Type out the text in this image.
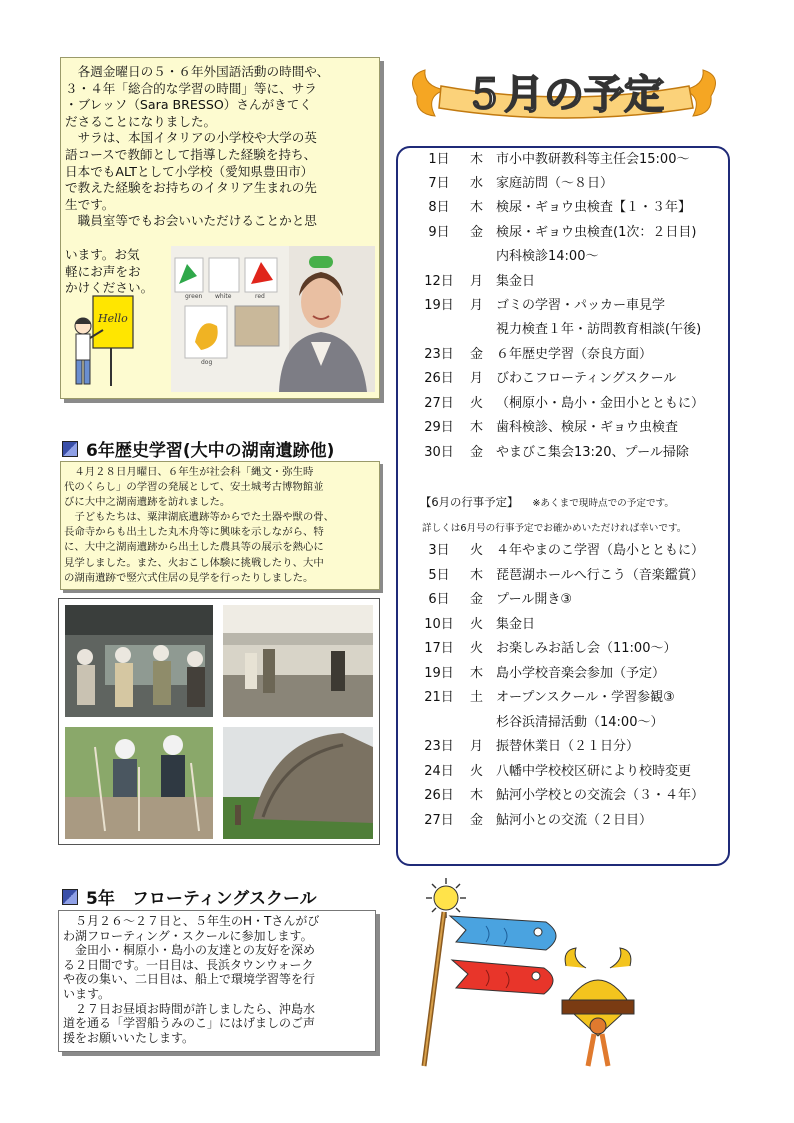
　各週金曜日の５・６年外国語活動の時間や、
３・４年「総合的な学習の時間」等に、サラ
・ブレッソ（Sara BRESSO）さんがきてく
ださることになりました。
　サラは、本国イタリアの小学校や大学の英
語コースで教師として指導した経験を持ち、
日本でもALTとして小学校（愛知県豊田市）
で教えた経験をお持ちのイタリア生まれの先
生です。
　職員室等でもお会いいただけることかと思
います。お気
軽にお声をお
かけください。
Hello
green white	red
dog
6年歴史学習(大中の湖南遺跡他)
　４月２８日月曜日、６年生が社会科「縄文・弥生時
代のくらし」の学習の発展として、安土城考古博物館並
びに大中之湖南遺跡を訪れました。
　子どもたちは、粟津湖底遺跡等からでた土器や獣の骨、
長命寺からも出土した丸木舟等に興味を示しながら、特
に、大中之湖南遺跡から出土した農具等の展示を熱心に
見学しました。また、火おこし体験に挑戦したり、大中
の湖南遺跡で竪穴式住居の見学を行ったりしました。
5年　フローティングスクール
　５月２６～２７日と、５年生のH・Tさんがび
わ湖フローティング・スクールに参加します。
　金田小・桐原小・島小の友達との友好を深め
る２日間です。一日目は、長浜タウンウォーク
や夜の集い、二日目は、船上で環境学習等を行
います。
　２７日お昼頃お時間が許しましたら、沖島水
道を通る「学習船うみのこ」にはげましのご声
援をお願いいたします。
５月の予定
1日 木 市小中教研教科等主任会15:00～
7日 水 家庭訪問（～８日）
8日 木 検尿・ギョウ虫検査【１・３年】
9日 金 検尿・ギョウ虫検査(1次：２日目)
内科検診14:00～
12日 月 集金日
19日 月 ゴミの学習・パッカー車見学
視力検査１年・訪問教育相談(午後)
23日 金 ６年歴史学習（奈良方面）
26日 月 びわこフローティングスクール
27日 火 （桐原小・島小・金田小とともに）
29日 木 歯科検診、検尿・ギョウ虫検査
30日 金 やまびこ集会13:20、プール掃除
【6月の行事予定】 ※あくまで現時点での予定です。
詳しくは6月号の行事予定でお確かめいただければ幸いです。
3日 火 ４年やまのこ学習（島小とともに）
5日 木 琵琶湖ホールへ行こう（音楽鑑賞）
6日 金 プール開き③
10日 火 集金日
17日 火 お楽しみお話し会（11:00～）
19日 木 島小学校音楽会参加（予定）
21日 土 オープンスクール・学習参観③
杉谷浜清掃活動（14:00～）
23日 月 振替休業日（２１日分）
24日 火 八幡中学校校区研により校時変更
26日 木 鮎河小学校との交流会（３・４年）
27日 金 鮎河小との交流（２日目）
